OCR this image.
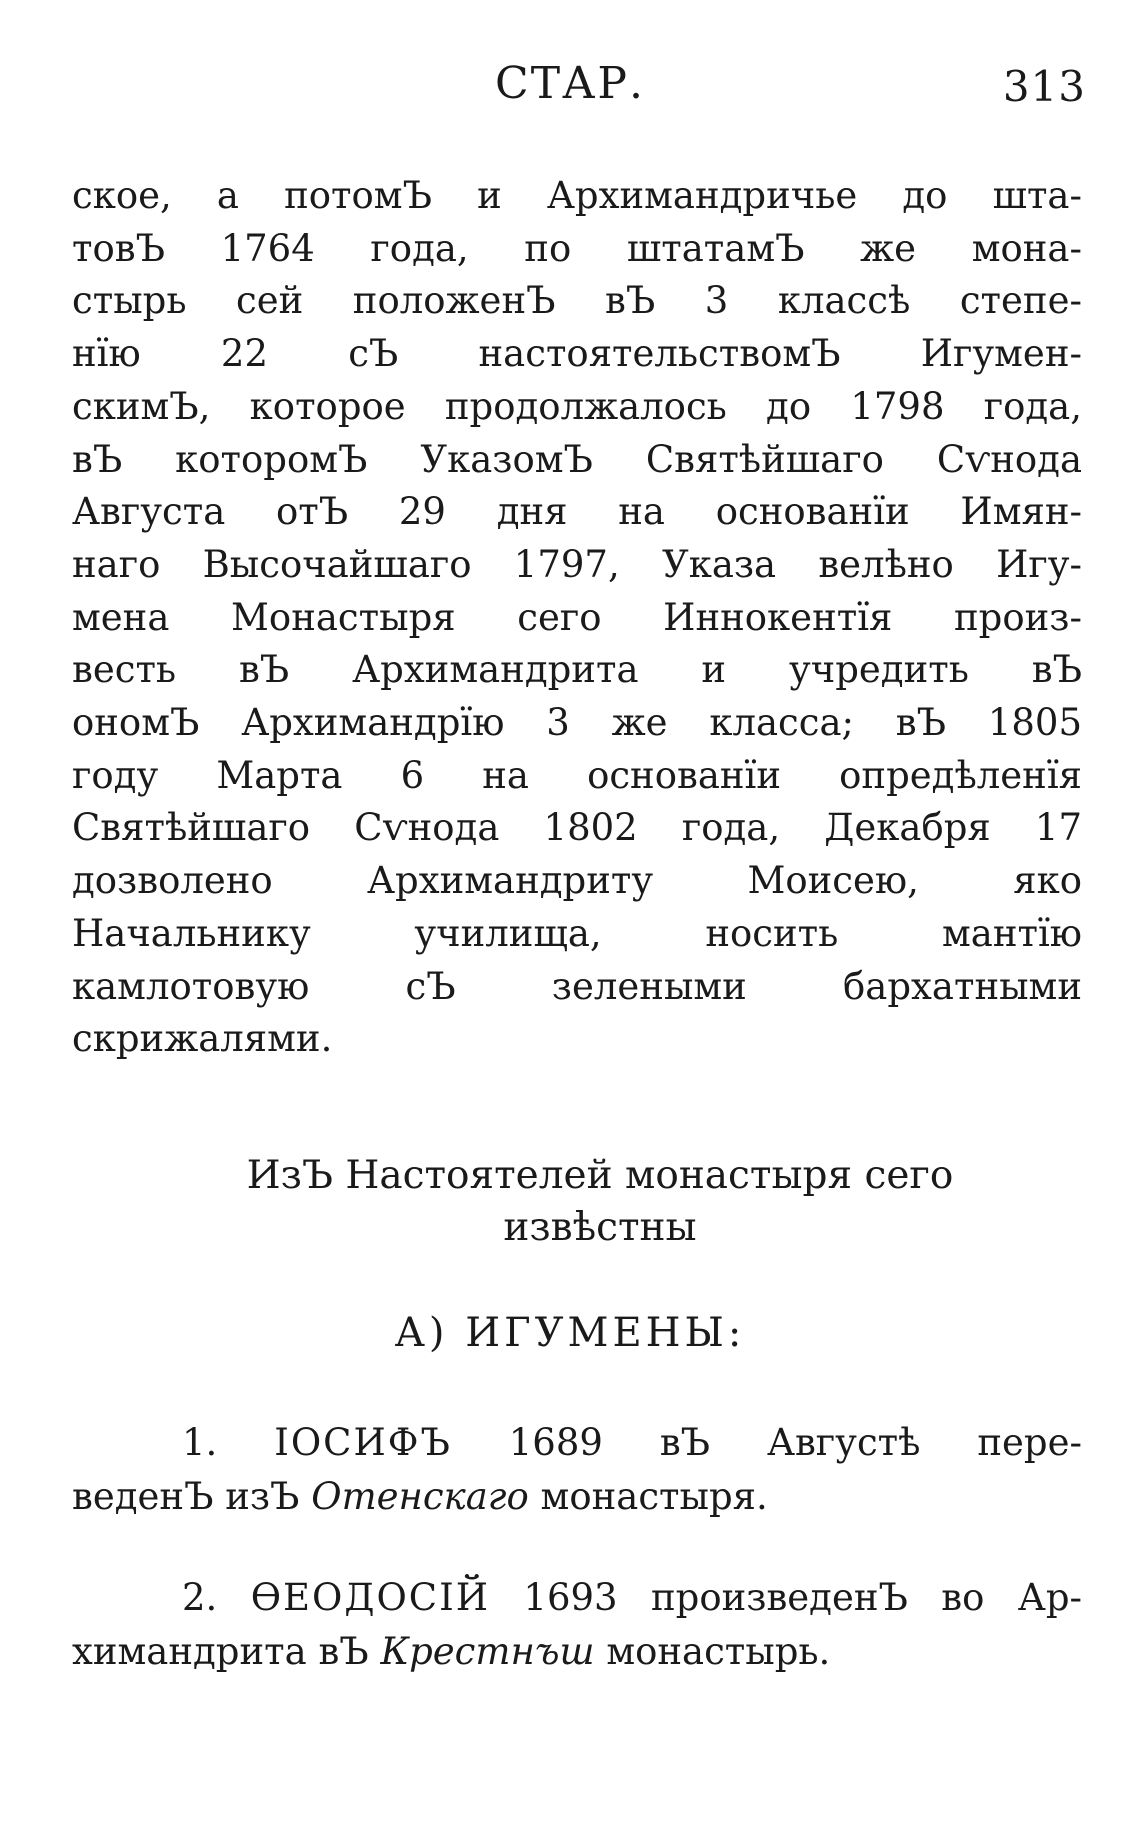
СТАР.	313
ское, а потомЪ и Архимандричье до шта-
товЪ 1764 года, по штатамЪ же мона-
стырь сей положенЪ вЪ 3 классѣ степе-
нїю 22 сЪ настоятельствомЪ Игумен-
скимЪ, которое продолжалось до 1798 года,
вЪ которомЪ УказомЪ Святѣйшаго Сѵнода
Августа отЪ 29 дня на основанїи Имян-
наго Высочайшаго 1797, Указа велѣно Игу-
мена Монастыря сего Иннокентїя произ-
весть вЪ Архимандрита и учредить вЪ
ономЪ Архимандрїю 3 же класса; вЪ 1805
году Марта 6 на основанїи опредѣленїя
Святѣйшаго Сѵнода 1802 года, Декабря 17
дозволено Архимандриту Моисею, яко
Начальнику училища, носить мантїю
камлотовую сЪ зелеными бархатными
скрижалями.
ИзЪ Настоятелей монастыря сего
извѣстны
А) ИГУМЕНЫ:
1. IОСИФЪ 1689 вЪ Августѣ пере-
веденЪ изЪ Отенскаго монастыря.
2. ѲЕОДОСIЙ 1693 произведенЪ во Ар-
химандрита вЪ Крестнъш монастырь.
